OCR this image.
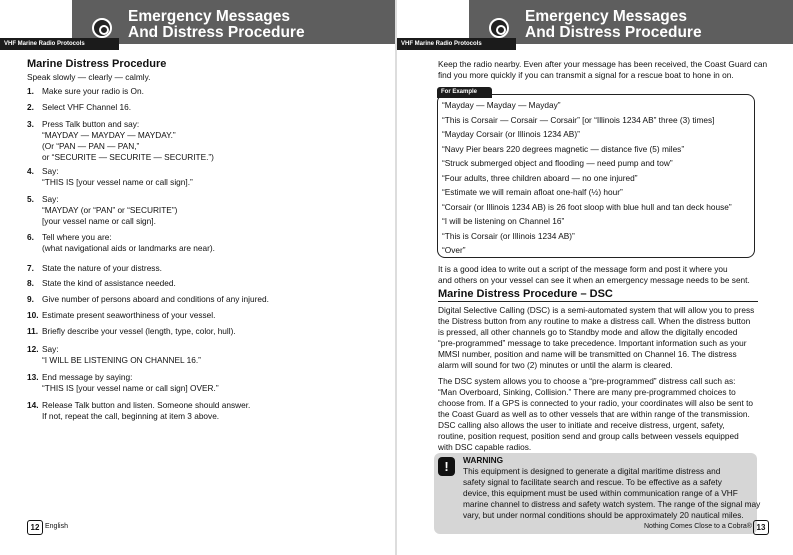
Emergency Messages
And Distress Procedure
VHF Marine Radio Protocols
Marine Distress Procedure
Speak slowly — clearly — calmly.
1. Make sure your radio is On.
2. Select VHF Channel 16.
3. Press Talk button and say:
“MAYDAY — MAYDAY — MAYDAY.”
(Or “PAN — PAN — PAN,”
or “SECURITE — SECURITE — SECURITE.”)
4. Say:
“THIS IS [your vessel name or call sign].”
5. Say:
“MAYDAY (or “PAN” or “SECURITE”)
[your vessel name or call sign].
6. Tell where you are:
(what navigational aids or landmarks are near).
7. State the nature of your distress.
8. State the kind of assistance needed.
9. Give number of persons aboard and conditions of any injured.
10. Estimate present seaworthiness of your vessel.
11. Briefly describe your vessel (length, type, color, hull).
12. Say:
“I WILL BE LISTENING ON CHANNEL 16.”
13. End message by saying:
“THIS IS [your vessel name or call sign] OVER.”
14. Release Talk button and listen. Someone should answer.
If not, repeat the call, beginning at item 3 above.
12 English
Emergency Messages
And Distress Procedure
VHF Marine Radio Protocols
Keep the radio nearby. Even after your message has been received, the Coast Guard can
find you more quickly if you can transmit a signal for a rescue boat to hone in on.
For Example
“Mayday — Mayday — Mayday”
“This is Corsair — Corsair — Corsair” [or “Illinois 1234 AB” three (3) times]
“Mayday Corsair (or Illinois 1234 AB)”
“Navy Pier bears 220 degrees magnetic — distance five (5) miles”
“Struck submerged object and flooding — need pump and tow”
“Four adults, three children aboard — no one injured”
“Estimate we will remain afloat one-half (½) hour”
“Corsair (or Illinois 1234 AB) is 26 foot sloop with blue hull and tan deck house”
“I will be listening on Channel 16”
“This is Corsair (or Illinois 1234 AB)”
“Over”
It is a good idea to write out a script of the message form and post it where you
and others on your vessel can see it when an emergency message needs to be sent.
Marine Distress Procedure – DSC
Digital Selective Calling (DSC) is a semi-automated system that will allow you to press
the Distress button from any routine to make a distress call. When the distress button
is pressed, all other channels go to Standby mode and allow the digitally encoded
“pre-programmed” message to take precedence. Important information such as your
MMSI number, position and name will be transmitted on Channel 16. The distress
alarm will sound for two (2) minutes or until the alarm is cleared.
The DSC system allows you to choose a “pre-programmed” distress call such as:
“Man Overboard, Sinking, Collision.” There are many pre-programmed choices to
choose from. If a GPS is connected to your radio, your coordinates will also be sent to
the Coast Guard as well as to other vessels that are within range of the transmission.
DSC calling also allows the user to initiate and receive distress, urgent, safety,
routine, position request, position send and group calls between vessels equipped
with DSC capable radios.
!	WARNING
This equipment is designed to generate a digital maritime distress and
safety signal to facilitate search and rescue. To be effective as a safety
device, this equipment must be used within communication range of a VHF
marine channel to distress and safety watch system. The range of the signal may
vary, but under normal conditions should be approximately 20 nautical miles.
Nothing Comes Close to a Cobra® 13
